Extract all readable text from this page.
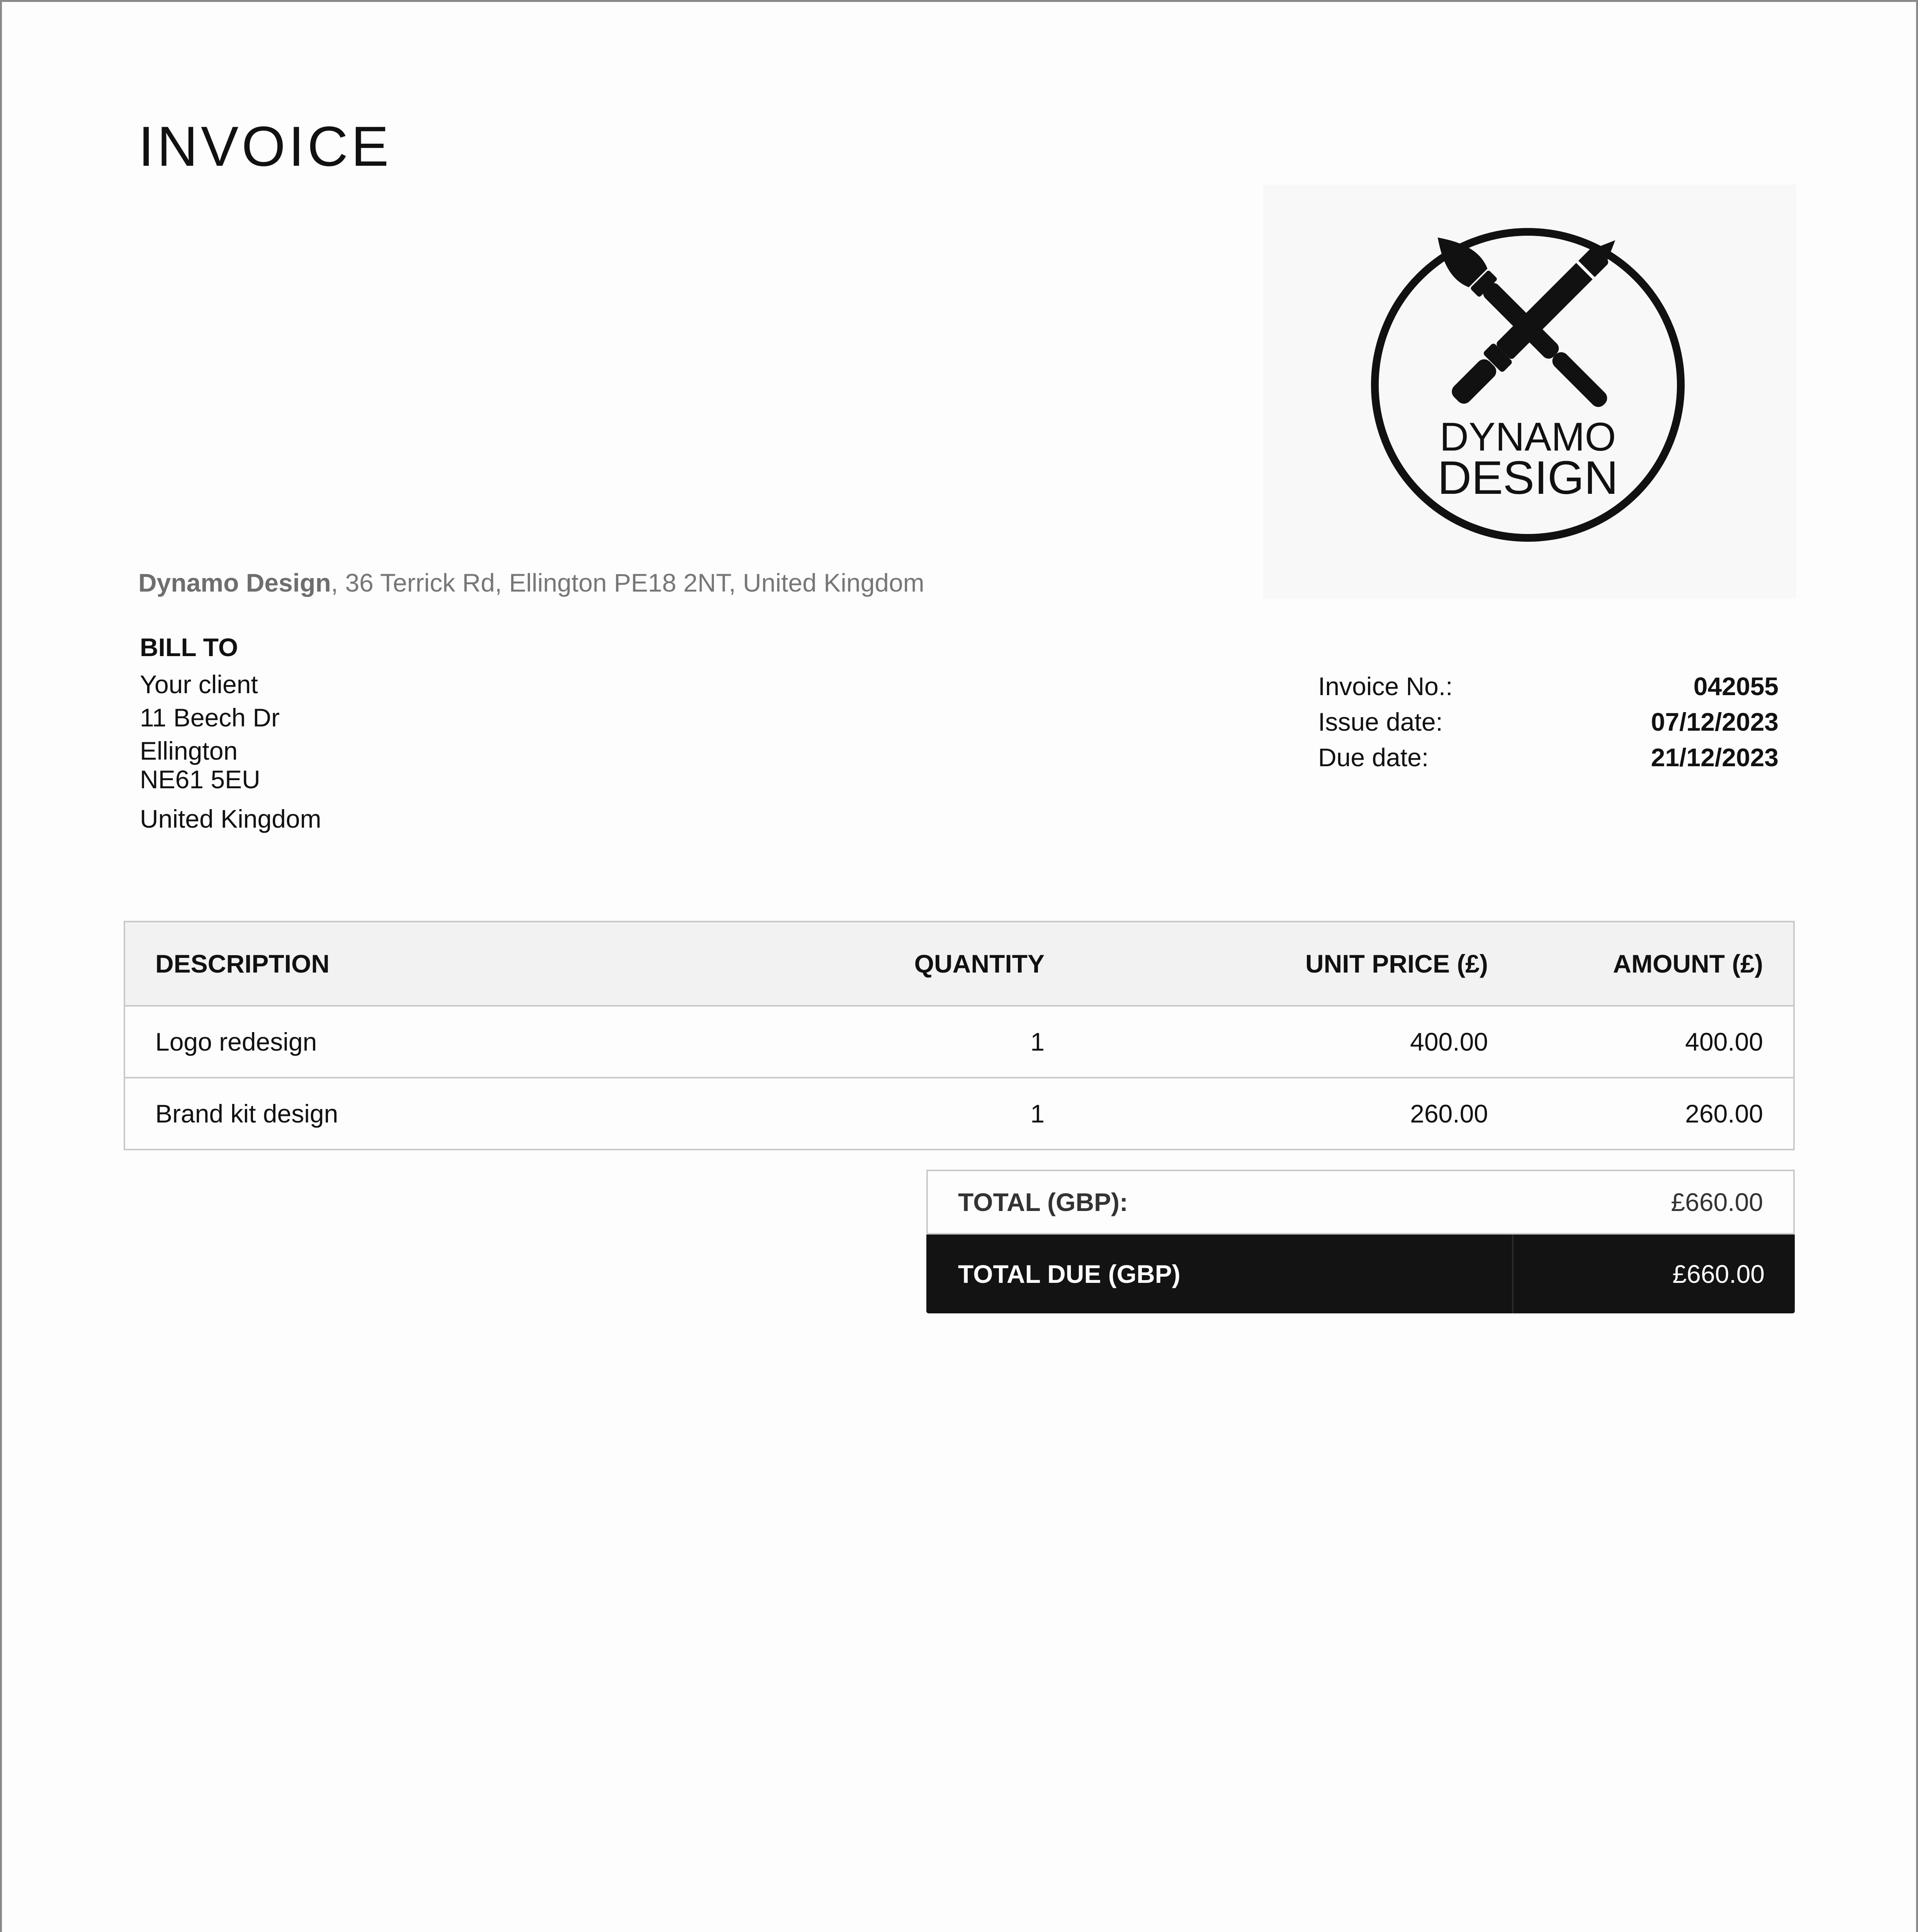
INVOICE
DYNAMO
DESIGN
Dynamo Design, 36 Terrick Rd, Ellington PE18 2NT, United Kingdom
BILL TO
Your client
11 Beech Dr
Ellington
NE61 5EU
United Kingdom
Invoice No.:	042055
Issue date:	07/12/2023
Due date:	21/12/2023
DESCRIPTION	QUANTITY	UNIT PRICE (£)	AMOUNT (£)
Logo redesign	1	400.00	400.00
Brand kit design	1	260.00	260.00
TOTAL (GBP):	£660.00
TOTAL DUE (GBP)	£660.00
